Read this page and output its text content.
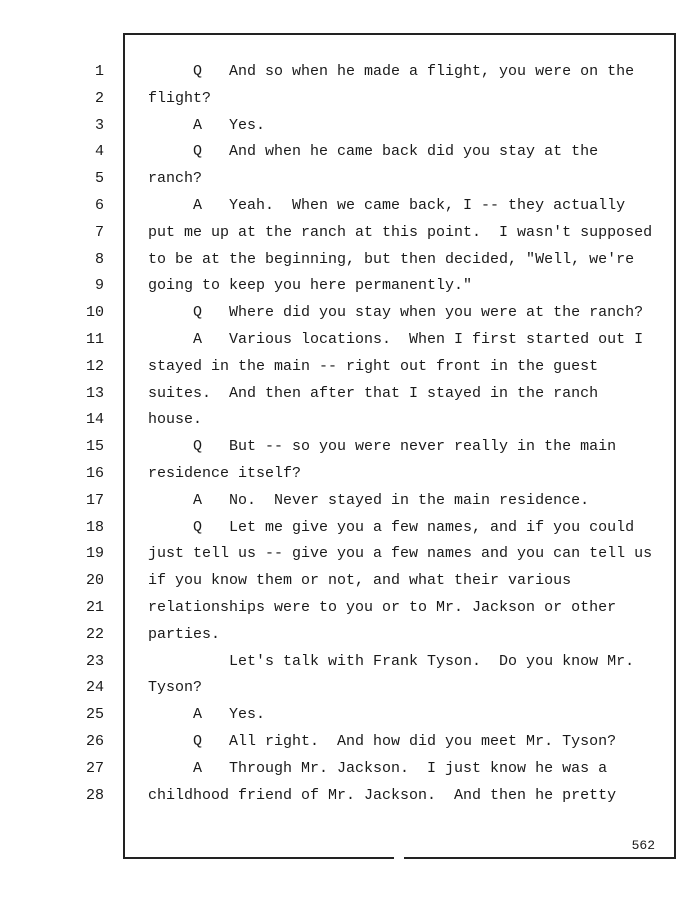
1	Q   And so when he made a flight, you were on the
2	flight?
3	A   Yes.
4	Q   And when he came back did you stay at the
5	ranch?
6	A   Yeah.  When we came back, I -- they actually
7	put me up at the ranch at this point.  I wasn't supposed
8	to be at the beginning, but then decided, "Well, we're
9	going to keep you here permanently."
10	Q   Where did you stay when you were at the ranch?
11	A   Various locations.  When I first started out I
12	stayed in the main -- right out front in the guest
13	suites.  And then after that I stayed in the ranch
14	house.
15	Q   But -- so you were never really in the main
16	residence itself?
17	A   No.  Never stayed in the main residence.
18	Q   Let me give you a few names, and if you could
19	just tell us -- give you a few names and you can tell us
20	if you know them or not, and what their various
21	relationships were to you or to Mr. Jackson or other
22	parties.
23	Let's talk with Frank Tyson.  Do you know Mr.
24	Tyson?
25	A   Yes.
26	Q   All right.  And how did you meet Mr. Tyson?
27	A   Through Mr. Jackson.  I just know he was a
28	childhood friend of Mr. Jackson.  And then he pretty
562
